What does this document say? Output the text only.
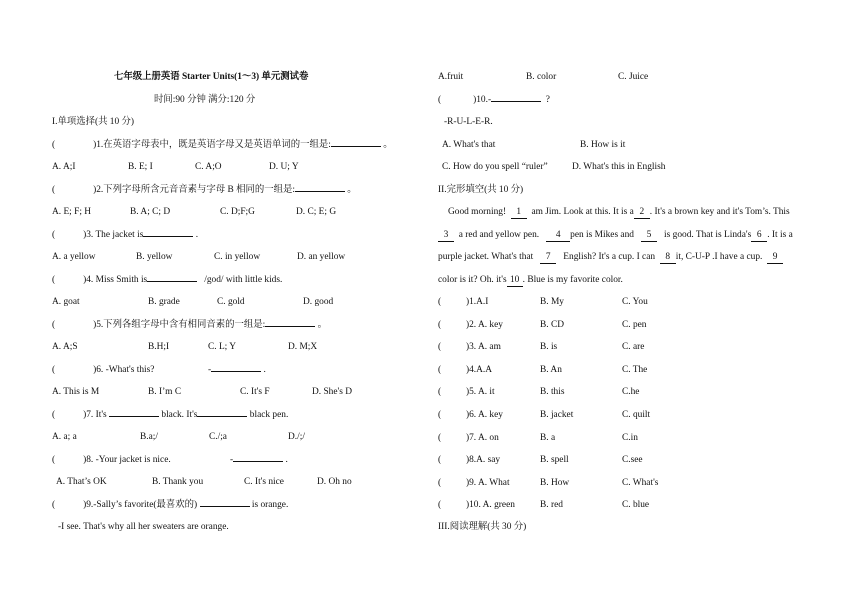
七年级上册英语 Starter Units(1～3) 单元测试卷
时间:90 分钟 满分:120 分
I.单项选择(共 10 分)
(	)1.在英语字母表中，既是英语字母又是英语单词的一组是:	。
A. A;I	B. E; I	C. A;O	D. U; Y
(	)2.下列字母所含元音音素与字母 B 相同的一组是:	。
A. E; F; H	B. A; C; D	C. D;F;G	D. C; E; G
(	)3. The jacket is	.
A. a yellow	B. yellow	C. in yellow	D. an yellow
(	)4. Miss Smith is	/god/ with little kids.
A. goat	B. grade	C. gold	D. good
(	)5.下列各组字母中含有相同音素的一组是:	。
A. A;S	B.H;I	C. L; Y	D. M;X
(	)6. -What's this?	-	.
A. This is M	B. I’m C	C. It's F	D. She's D
(	)7. It's	black. It's	black pen.
A. a; a	B.a;/	C./;a	D./;/
(	)8. -Your jacket is nice.	-	.
A. That’s OK	B. Thank you	C. It's nice	D. Oh no
(	)9.-Sally’s favorite(最喜欢的)	is orange.
-I see. That's why all her sweaters are orange.
A.fruit	B. color	C. Juice
(	)10.-	?
-R-U-L-E-R.
A. What's that	B. How is it
C. How do you spell “ruler”	D. What's this in English
II.完形填空(共 10 分)
Good morning! 1 am Jim. Look at this. It is a 2 . It's a brown key and it's Tom’s. This
3 a red and yellow pen. 4 pen is Mikes and 5 is good. That is Linda's 6 . It is a
purple jacket. What's that 7 English? It's a cup. I can 8 it, C-U-P .I have a cup. 9
color is it? Oh. it's 10 . Blue is my favorite color.
(	)1.A.I	B. My	C. You
(	)2. A. key	B. CD	C. pen
(	)3. A. am	B. is	C. are
(	)4.A.A	B. An	C. The
(	)5. A. it	B. this	C.he
(	)6. A. key	B. jacket	C. quilt
(	)7. A. on	B. a	C.in
(	)8.A. say	B. spell	C.see
(	)9. A. What	B. How	C. What's
(	)10. A. green	B. red	C. blue
III.阅读理解(共 30 分)
